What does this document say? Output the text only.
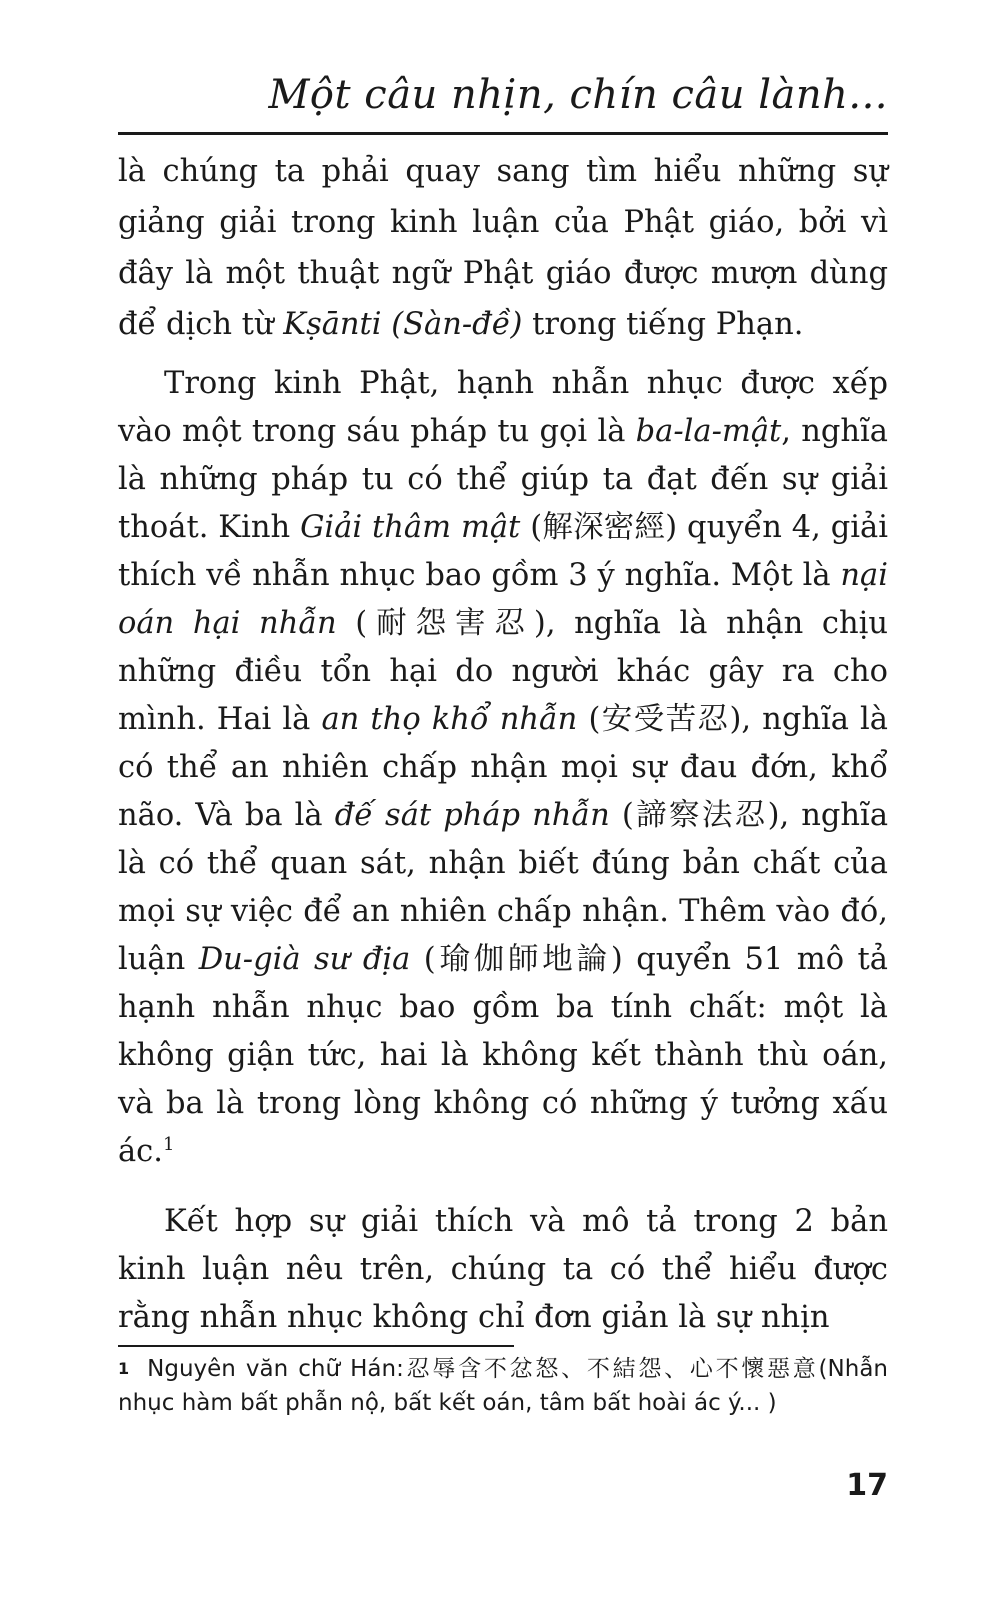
Một câu nhịn, chín câu lành...

là chúng ta phải quay sang tìm hiểu những sự giảng giải trong kinh luận của Phật giáo, bởi vì đây là một thuật ngữ Phật giáo được mượn dùng để dịch từ Kṣānti (Sàn-đề) trong tiếng Phạn.

Trong kinh Phật, hạnh nhẫn nhục được xếp vào một trong sáu pháp tu gọi là ba-la-mật, nghĩa là những pháp tu có thể giúp ta đạt đến sự giải thoát. Kinh Giải thâm mật (解深密經) quyển 4, giải thích về nhẫn nhục bao gồm 3 ý nghĩa. Một là nại oán hại nhẫn (耐怨害忍), nghĩa là nhận chịu những điều tổn hại do người khác gây ra cho mình. Hai là an thọ khổ nhẫn (安受苦忍), nghĩa là có thể an nhiên chấp nhận mọi sự đau đớn, khổ não. Và ba là đế sát pháp nhẫn (諦察法忍), nghĩa là có thể quan sát, nhận biết đúng bản chất của mọi sự việc để an nhiên chấp nhận. Thêm vào đó, luận Du-già sư địa (瑜伽師地論) quyển 51 mô tả hạnh nhẫn nhục bao gồm ba tính chất: một là không giận tức, hai là không kết thành thù oán, và ba là trong lòng không có những ý tưởng xấu ác.$^1$

Kết hợp sự giải thích và mô tả trong 2 bản kinh luận nêu trên, chúng ta có thể hiểu được rằng nhẫn nhục không chỉ đơn giản là sự nhịn

$^1$ Nguyên văn chữ Hán:忍辱含不忿怒、不結怨、心不懷惡意(Nhẫn nhục hàm bất phẫn nộ, bất kết oán, tâm bất hoài ác ý... )
17
